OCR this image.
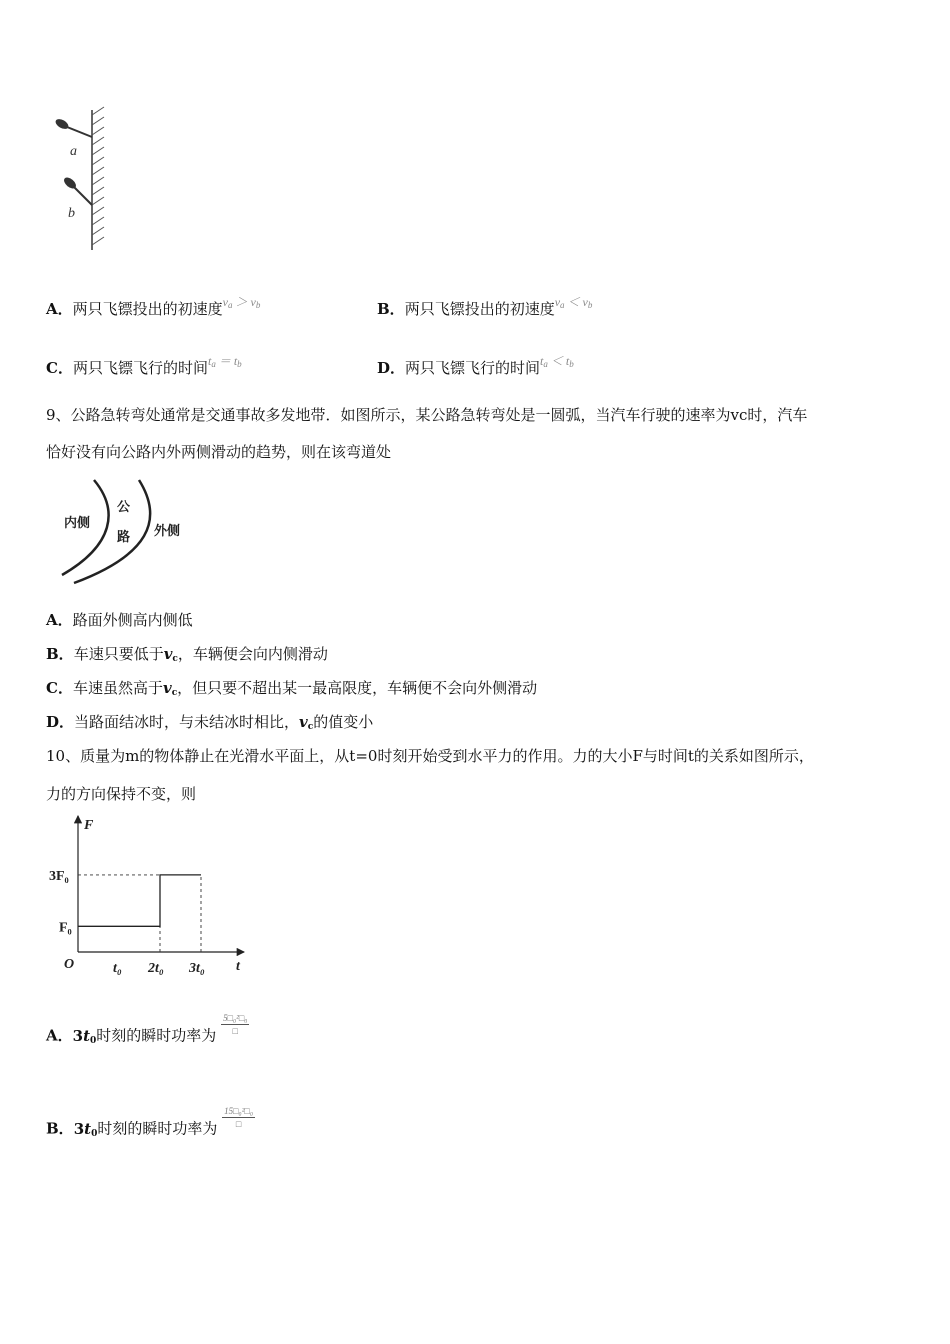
a
b
A．两只飞镖投出的初速度$^{v_a > v_b}$	B．两只飞镖投出的初速度$^{v_a < v_b}$
C．两只飞镖飞行的时间$^{t_a = t_b}$	D．两只飞镖飞行的时间$^{t_a < t_b}$
9、公路急转弯处通常是交通事故多发地带．如图所示，某公路急转弯处是一圆弧，当汽车行驶的速率为vc时，汽车
恰好没有向公路内外两侧滑动的趋势，则在该弯道处
内侧
公
路 外侧
A．路面外侧高内侧低
B．车速只要低于$v_c$，车辆便会向内侧滑动
C．车速虽然高于$v_c$，但只要不超出某一最高限度，车辆便不会向外侧滑动
D．当路面结冰时，与未结冰时相比，$v_c$的值变小
10、质量为m的物体静止在光滑水平面上，从t=0时刻开始受到水平力的作用。力的大小F与时间t的关系如图所示，
力的方向保持不变，则
F
t
O
3F₀
F₀
t₀ 2t₀ 3t₀
A．$3t_0$时刻的瞬时功率为 $\frac{\text{5□₀²□₀}}{□}$
B．$3t_0$时刻的瞬时功率为 $\frac{\text{15□₀²□₀}}{□}$
